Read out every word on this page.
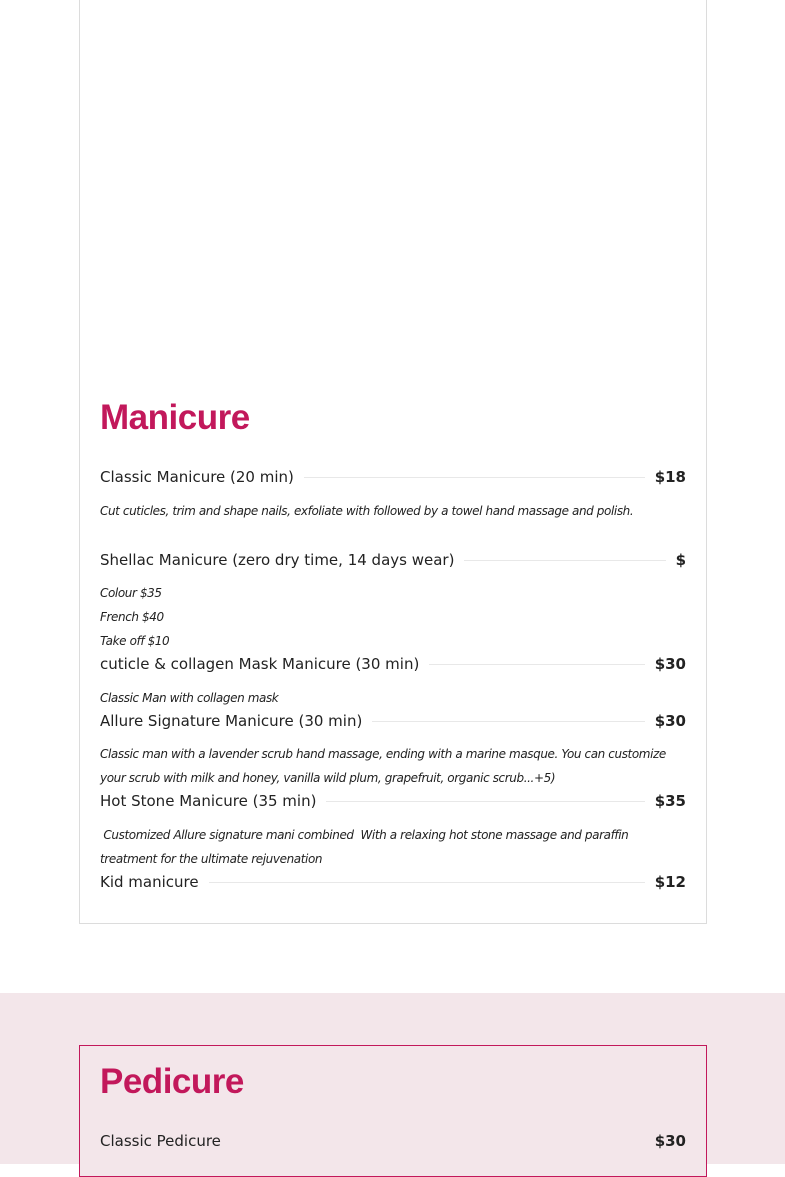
Manicure
Classic Manicure (20 min)	$18

Cut cuticles, trim and shape nails, exfoliate with followed by a towel hand massage and polish.

Shellac Manicure (zero dry time, 14 days wear)	$

Colour $35

French $40

Take off $10

cuticle & collagen Mask Manicure (30 min)	$30

Classic Man with collagen mask

Allure Signature Manicure (30 min)	$30

Classic man with a lavender scrub hand massage, ending with a marine masque. You can customize your scrub with milk and honey, vanilla wild plum, grapefruit, organic scrub...+5)

Hot Stone Manicure (35 min)	$35

Customized Allure signature mani combined  With a relaxing hot stone massage and paraffin treatment for the ultimate rejuvenation

Kid manicure	$12
Pedicure
Classic Pedicure	$30
